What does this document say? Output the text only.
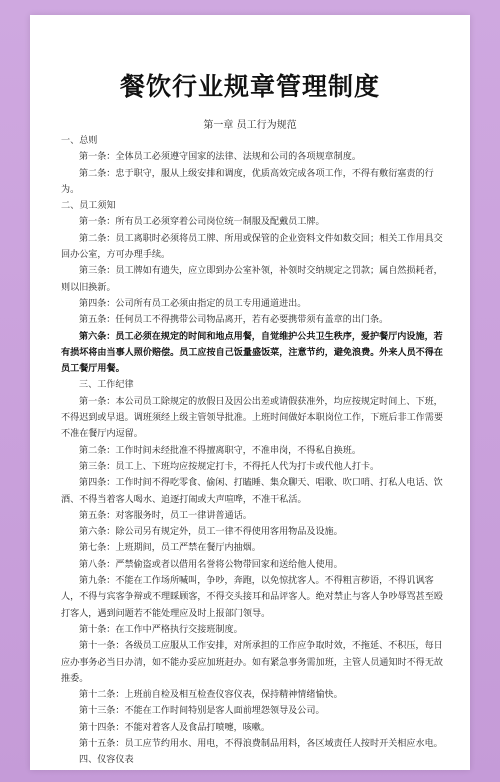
餐饮行业规章管理制度
第一章 员工行为规范

一、总则

第一条：全体员工必须遵守国家的法律、法规和公司的各项规章制度。

第二条：忠于职守，服从上级安排和调度，优质高效完成各项工作，不得有敷衍塞责的行为。

二、员工须知

第一条：所有员工必须穿着公司岗位统一制服及配戴员工牌。

第二条：员工离职时必须将员工牌、所用或保管的企业资料文件如数交回；相关工作用具交回办公室，方可办理手续。

第三条：员工牌如有遗失，应立即到办公室补领，补领时交纳规定之罚款；属自然损耗者，则以旧换新。

第四条：公司所有员工必须由指定的员工专用通道进出。

第五条：任何员工不得携带公司物品离开，若有必要携带须有盖章的出门条。

第六条：员工必须在规定的时间和地点用餐，自觉维护公共卫生秩序，爱护餐厅内设施，若有损坏将由当事人照价赔偿。员工应按自己饭量盛饭菜，注意节约，避免浪费。外来人员不得在员工餐厅用餐。

三、工作纪律

第一条：本公司员工除规定的放假日及因公出差或请假获准外，均应按规定时间上、下班，不得迟到或早退。调班须经上级主管领导批准。上班时间做好本职岗位工作，下班后非工作需要不准在餐厅内逗留。

第二条：工作时间未经批准不得擅离职守，不准串岗，不得私自换班。

第三条：员工上、下班均应按规定打卡，不得托人代为打卡或代他人打卡。

第四条：工作时间不得吃零食、偷闲、打瞌睡、集众聊天、唱歌、吹口哨、打私人电话、饮酒、不得当着客人喝水、追逐打闹或大声喧哗，不准干私活。

第五条：对客服务时，员工一律讲普通话。

第六条：除公司另有规定外，员工一律不得使用客用物品及设施。

第七条：上班期间，员工严禁在餐厅内抽烟。

第八条：严禁偷盗或者以借用名誉将公物带回家和送给他人使用。

第九条：不能在工作场所喊叫，争吵，奔跑，以免惊扰客人。不得粗言秽语，不得讥讽客人，不得与宾客争辩或不理睬顾客，不得交头接耳和品评客人。绝对禁止与客人争吵辱骂甚至殴打客人，遇到问题若不能处理应及时上报部门领导。

第十条：在工作中严格执行交接班制度。

第十一条：各级员工应服从工作安排，对所承担的工作应争取时效，不拖延、不积压，每日应办事务必当日办清，如不能办妥应加班赶办。如有紧急事务需加班，主管人员通知时不得无故推委。

第十二条：上班前自检及相互检查仪容仪表，保持精神情绪愉快。

第十三条：不能在工作时间特别是客人面前埋怨领导及公司。

第十四条：不能对着客人及食品打喷嚏，咳嗽。

第十五条：员工应节约用水、用电，不得浪费制品用料，各区域责任人按时开关相应水电。

四、仪容仪表
